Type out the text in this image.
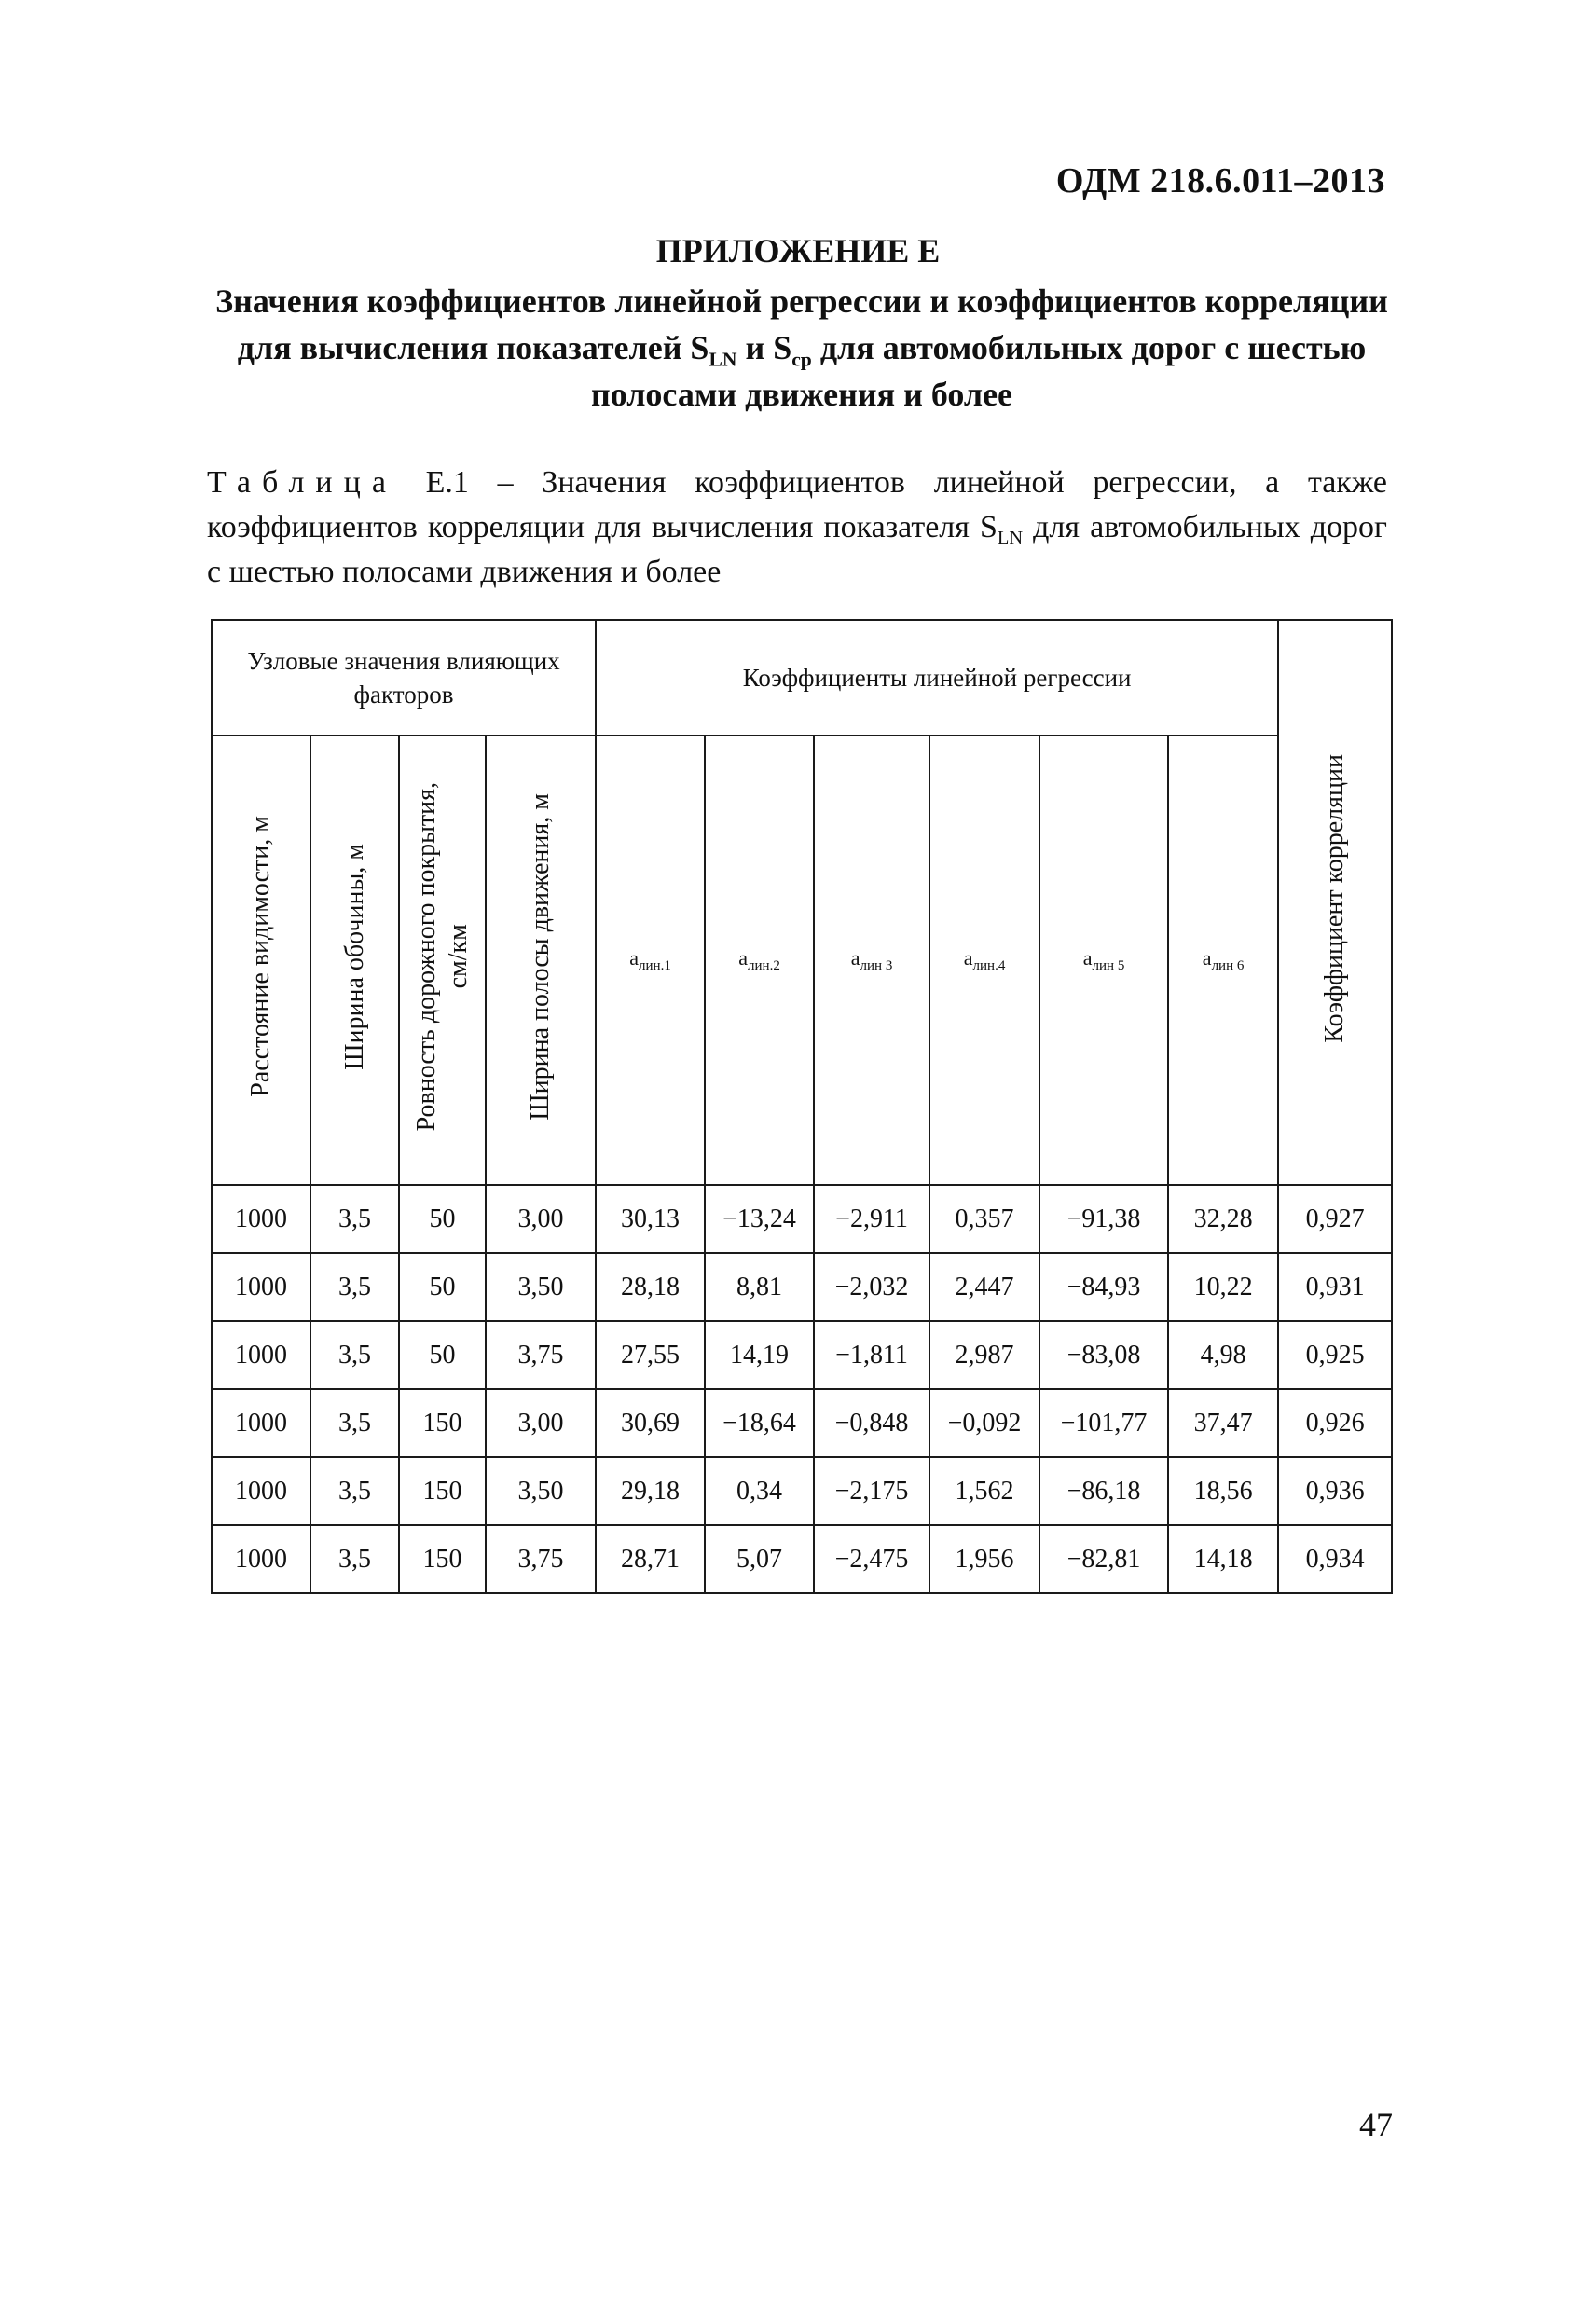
ОДМ 218.6.011–2013
ПРИЛОЖЕНИЕ Е
Значения коэффициентов линейной регрессии и коэффициентов корреляции для вычисления показателей $S_{LN}$ и $S_{ср}$ для автомобильных дорог с шестью полосами движения и более
Таблица Е.1 – Значения коэффициентов линейной регрессии, а также коэффициентов корреляции для вычисления показателя $S_{LN}$ для автомобильных дорог с шестью полосами движения и более
Узловые значения влияющих факторов				Коэффициенты линейной регрессии						Коэффициент корреляции
Расстояние видимости, м	Ширина обочины, м	Ровность дорожного покрытия,
см/км	Ширина полосы движения, м	$a_{лин.1}$	$a_{лин.2}$	$a_{лин 3}$	$a_{лин.4}$	$a_{лин 5}$	$a_{лин 6}$
1000	3,5	50	3,00	30,13	−13,24	−2,911	0,357	−91,38	32,28	0,927
1000	3,5	50	3,50	28,18	8,81	−2,032	2,447	−84,93	10,22	0,931
1000	3,5	50	3,75	27,55	14,19	−1,811	2,987	−83,08	4,98	0,925
1000	3,5	150	3,00	30,69	−18,64	−0,848	−0,092	−101,77	37,47	0,926
1000	3,5	150	3,50	29,18	0,34	−2,175	1,562	−86,18	18,56	0,936
1000	3,5	150	3,75	28,71	5,07	−2,475	1,956	−82,81	14,18	0,934
47
